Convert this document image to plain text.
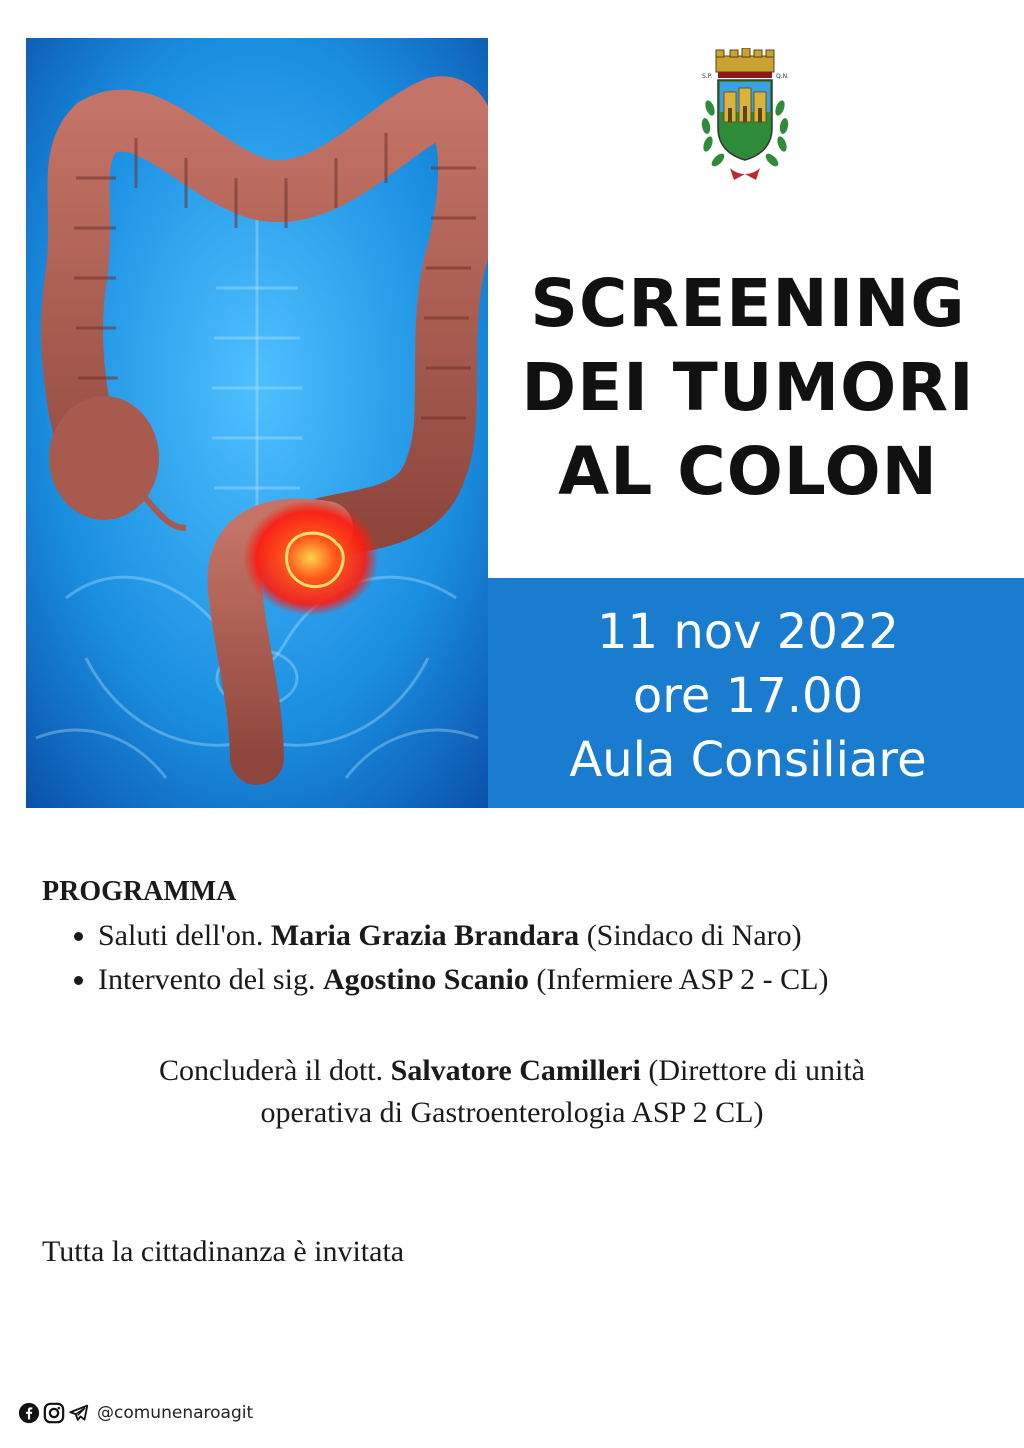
S.P.	Q.N.
SCREENING
DEI TUMORI
AL COLON
11 nov 2022
ore 17.00
Aula Consiliare
PROGRAMMA
• Saluti dell'on. Maria Grazia Brandara (Sindaco di Naro)
• Intervento del sig. Agostino Scanio (Infermiere ASP 2 - CL)
Concluderà il dott. Salvatore Camilleri (Direttore di unità
operativa di Gastroenterologia ASP 2 CL)
Tutta la cittadinanza è invitata
@comunenaroagit
